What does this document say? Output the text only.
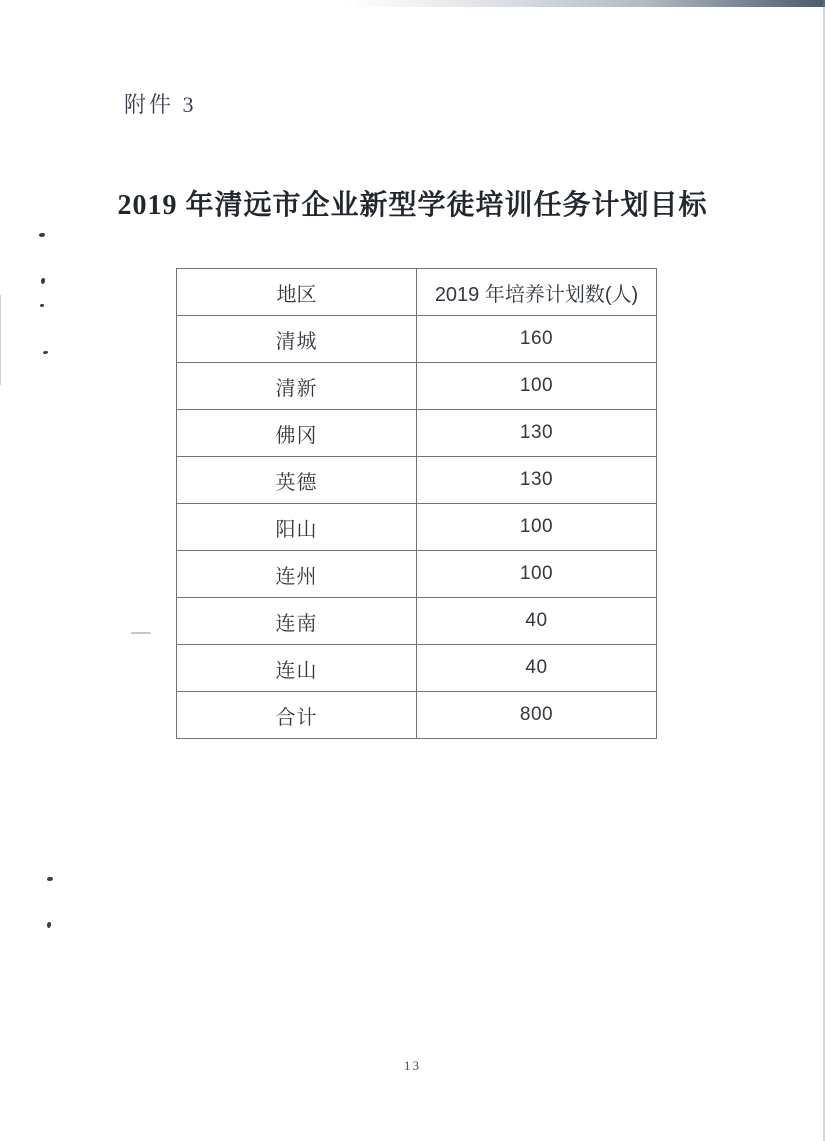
附件 3
2019 年清远市企业新型学徒培训任务计划目标
地区	2019 年培养计划数(人)
清城	160
清新	100
佛冈	130
英德	130
阳山	100
连州	100
连南	40
连山	40
合计	800
13
